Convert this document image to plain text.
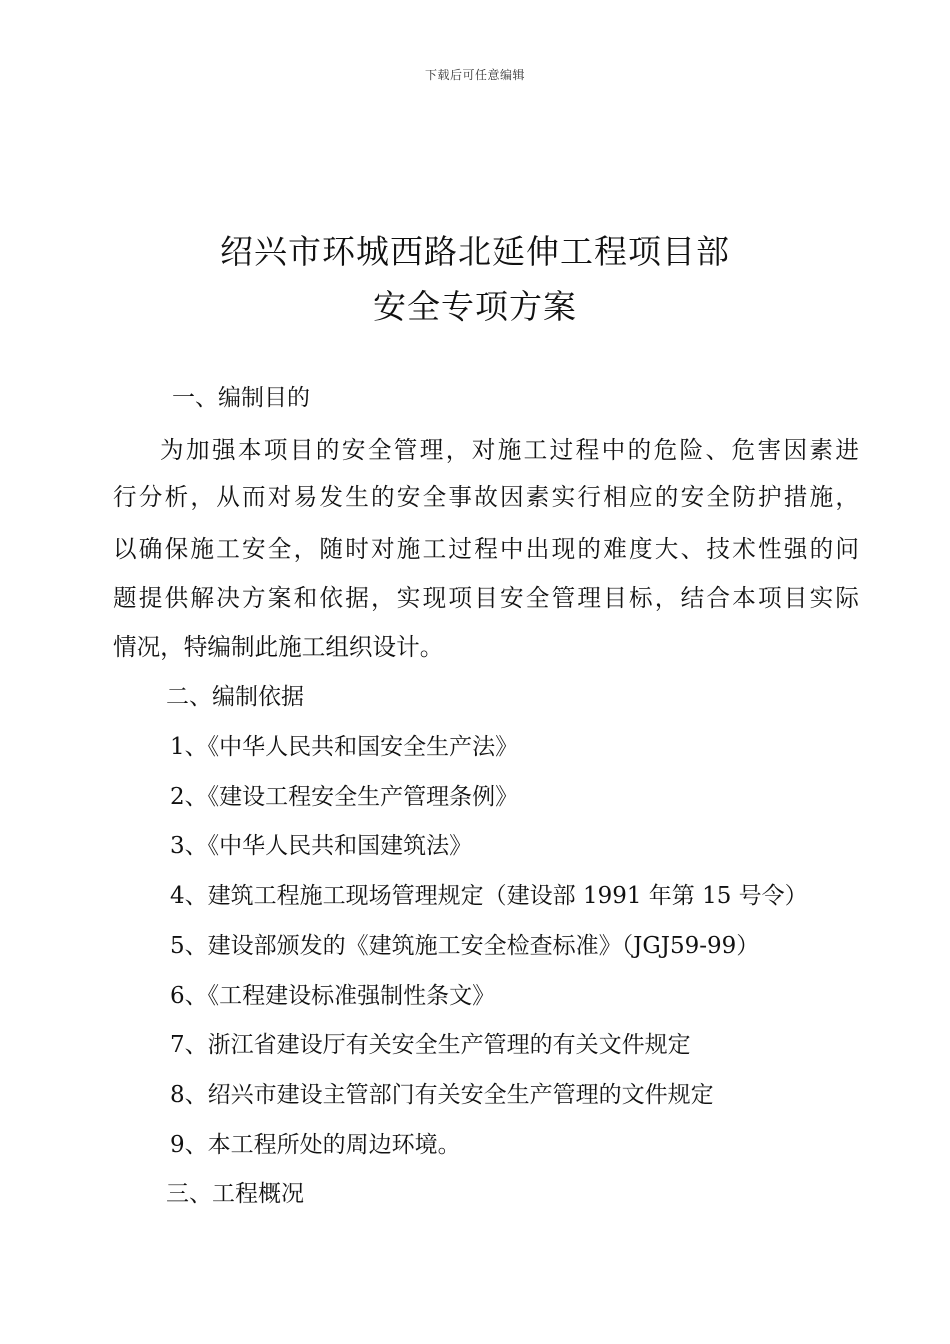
下载后可任意编辑
绍兴市环城西路北延伸工程项目部
安全专项方案
一、编制目的
为加强本项目的安全管理，对施工过程中的危险、危害因素进
行分析，从而对易发生的安全事故因素实行相应的安全防护措施，
以确保施工安全，随时对施工过程中出现的难度大、技术性强的问
题提供解决方案和依据，实现项目安全管理目标，结合本项目实际
情况，特编制此施工组织设计。
二、编制依据
1、《中华人民共和国安全生产法》
2、《建设工程安全生产管理条例》
3、《中华人民共和国建筑法》
4、建筑工程施工现场管理规定（建设部 1991 年第 15 号令）
5、建设部颁发的《建筑施工安全检查标准》（JGJ59-99）
6、《工程建设标准强制性条文》
7、浙江省建设厅有关安全生产管理的有关文件规定
8、绍兴市建设主管部门有关安全生产管理的文件规定
9、本工程所处的周边环境。
三、工程概况
